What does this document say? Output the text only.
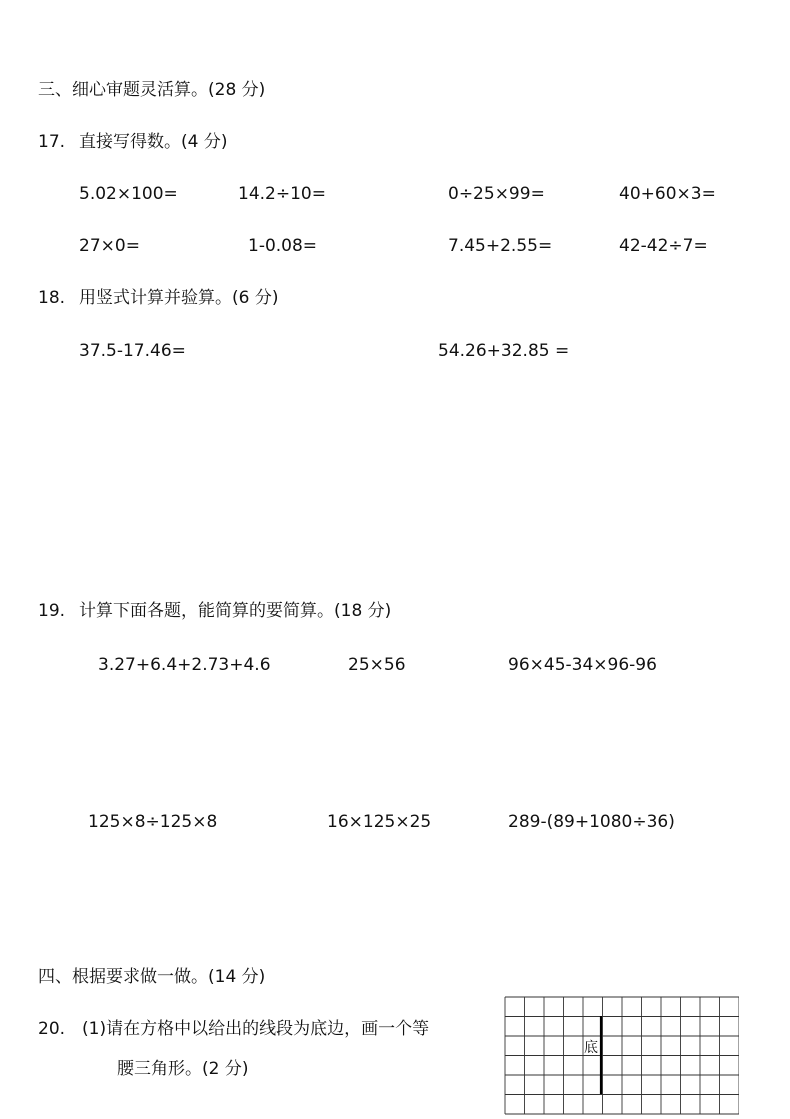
三、细心审题灵活算。(28 分)
17. 直接写得数。(4 分)
5.02×100=	14.2÷10=	0÷25×99=	40+60×3=
27×0=	1-0.08=	7.45+2.55=	42-42÷7=
18. 用竖式计算并验算。(6 分)
37.5-17.46=	54.26+32.85 =
19. 计算下面各题，能简算的要简算。(18 分)
3.27+6.4+2.73+4.6	25×56	96×45-34×96-96
125×8÷125×8	16×125×25	289-(89+1080÷36)
四、根据要求做一做。(14 分)
20. (1)请在方格中以给出的线段为底边，画一个等
腰三角形。(2 分)
底
